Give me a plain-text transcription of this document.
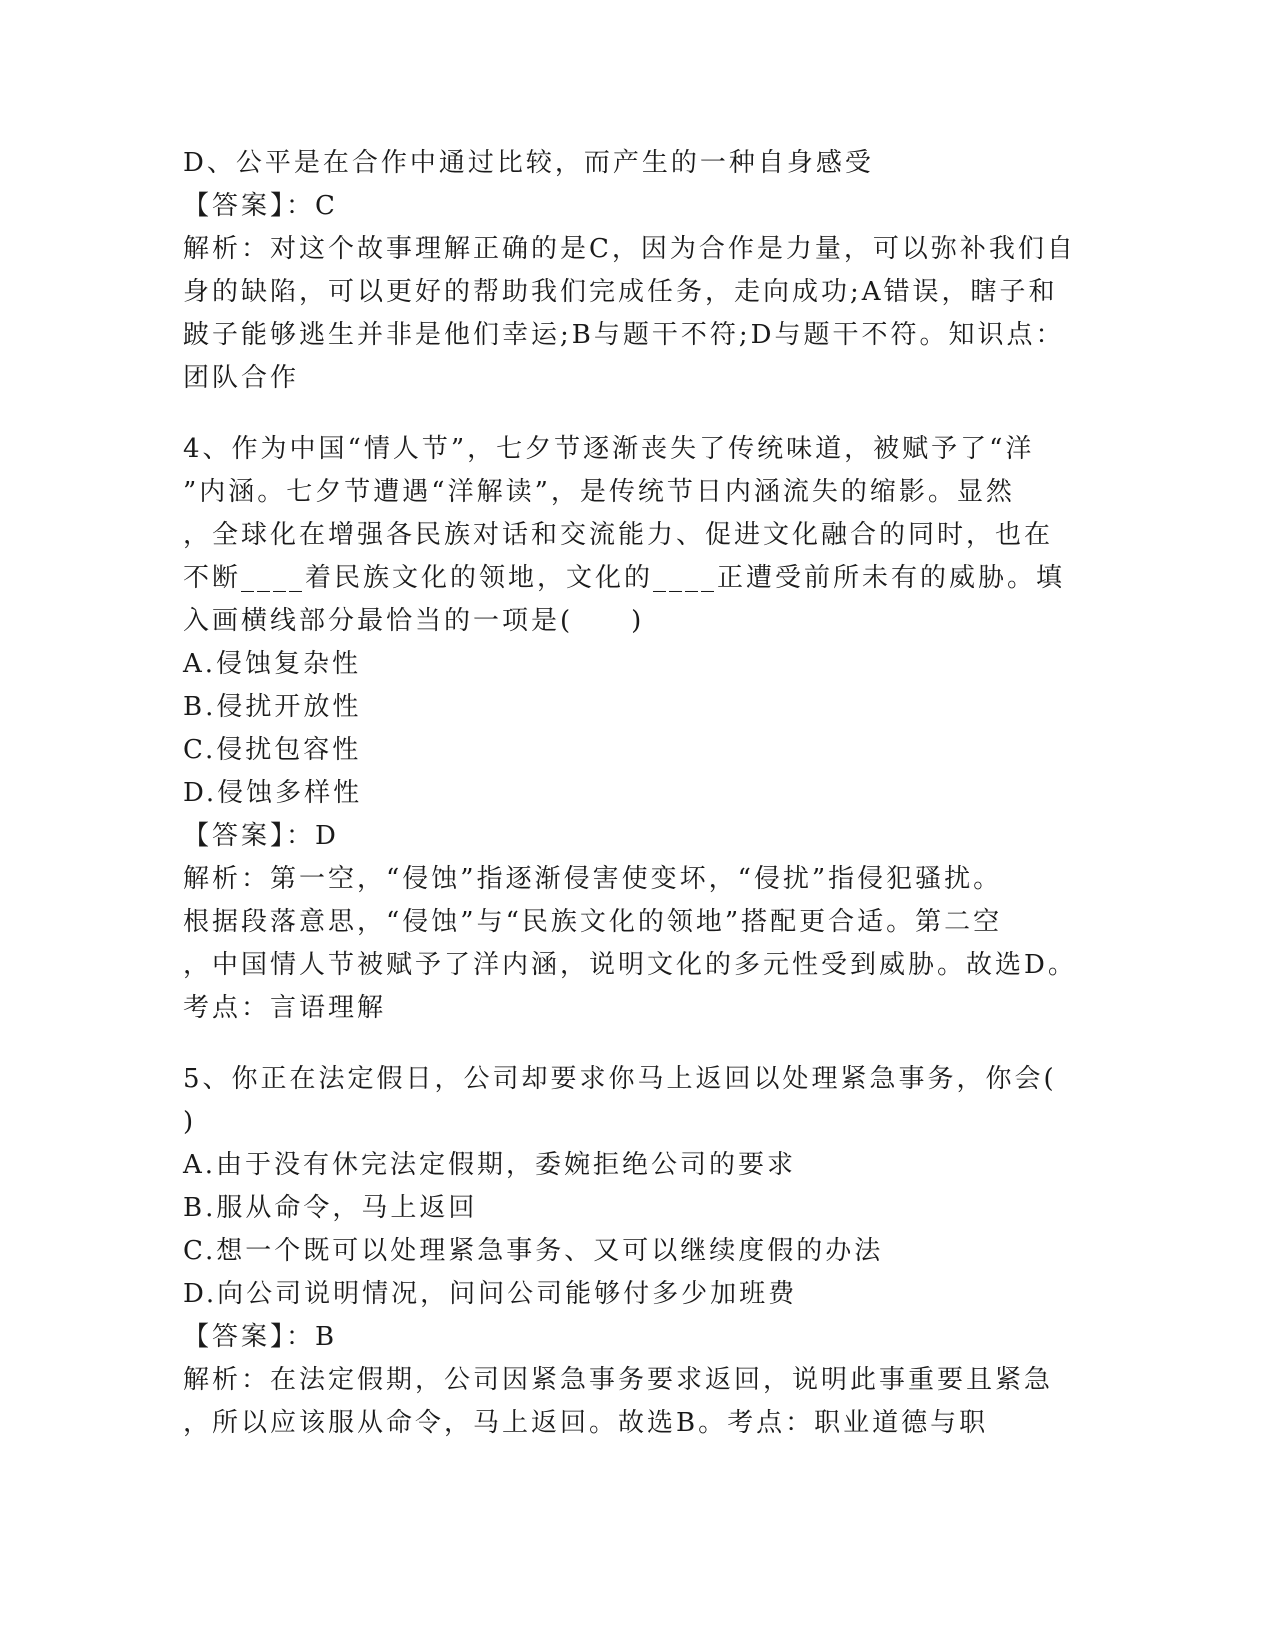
D、公平是在合作中通过比较，而产生的一种自身感受
【答案】：C
解析：对这个故事理解正确的是C，因为合作是力量，可以弥补我们自
身的缺陷，可以更好的帮助我们完成任务，走向成功;A错误，瞎子和
跛子能够逃生并非是他们幸运;B与题干不符;D与题干不符。知识点：
团队合作
4、作为中国“情人节”，七夕节逐渐丧失了传统味道，被赋予了“洋
”内涵。七夕节遭遇“洋解读”，是传统节日内涵流失的缩影。显然
，全球化在增强各民族对话和交流能力、促进文化融合的同时，也在
不断____着民族文化的领地，文化的____正遭受前所未有的威胁。填
入画横线部分最恰当的一项是(　　)
A.侵蚀复杂性
B.侵扰开放性
C.侵扰包容性
D.侵蚀多样性
【答案】：D
解析：第一空，“侵蚀”指逐渐侵害使变坏，“侵扰”指侵犯骚扰。
根据段落意思，“侵蚀”与“民族文化的领地”搭配更合适。第二空
，中国情人节被赋予了洋内涵，说明文化的多元性受到威胁。故选D。
考点：言语理解
5、你正在法定假日，公司却要求你马上返回以处理紧急事务，你会(
)
A.由于没有休完法定假期，委婉拒绝公司的要求
B.服从命令，马上返回
C.想一个既可以处理紧急事务、又可以继续度假的办法
D.向公司说明情况，问问公司能够付多少加班费
【答案】：B
解析：在法定假期，公司因紧急事务要求返回，说明此事重要且紧急
，所以应该服从命令，马上返回。故选B。考点：职业道德与职
